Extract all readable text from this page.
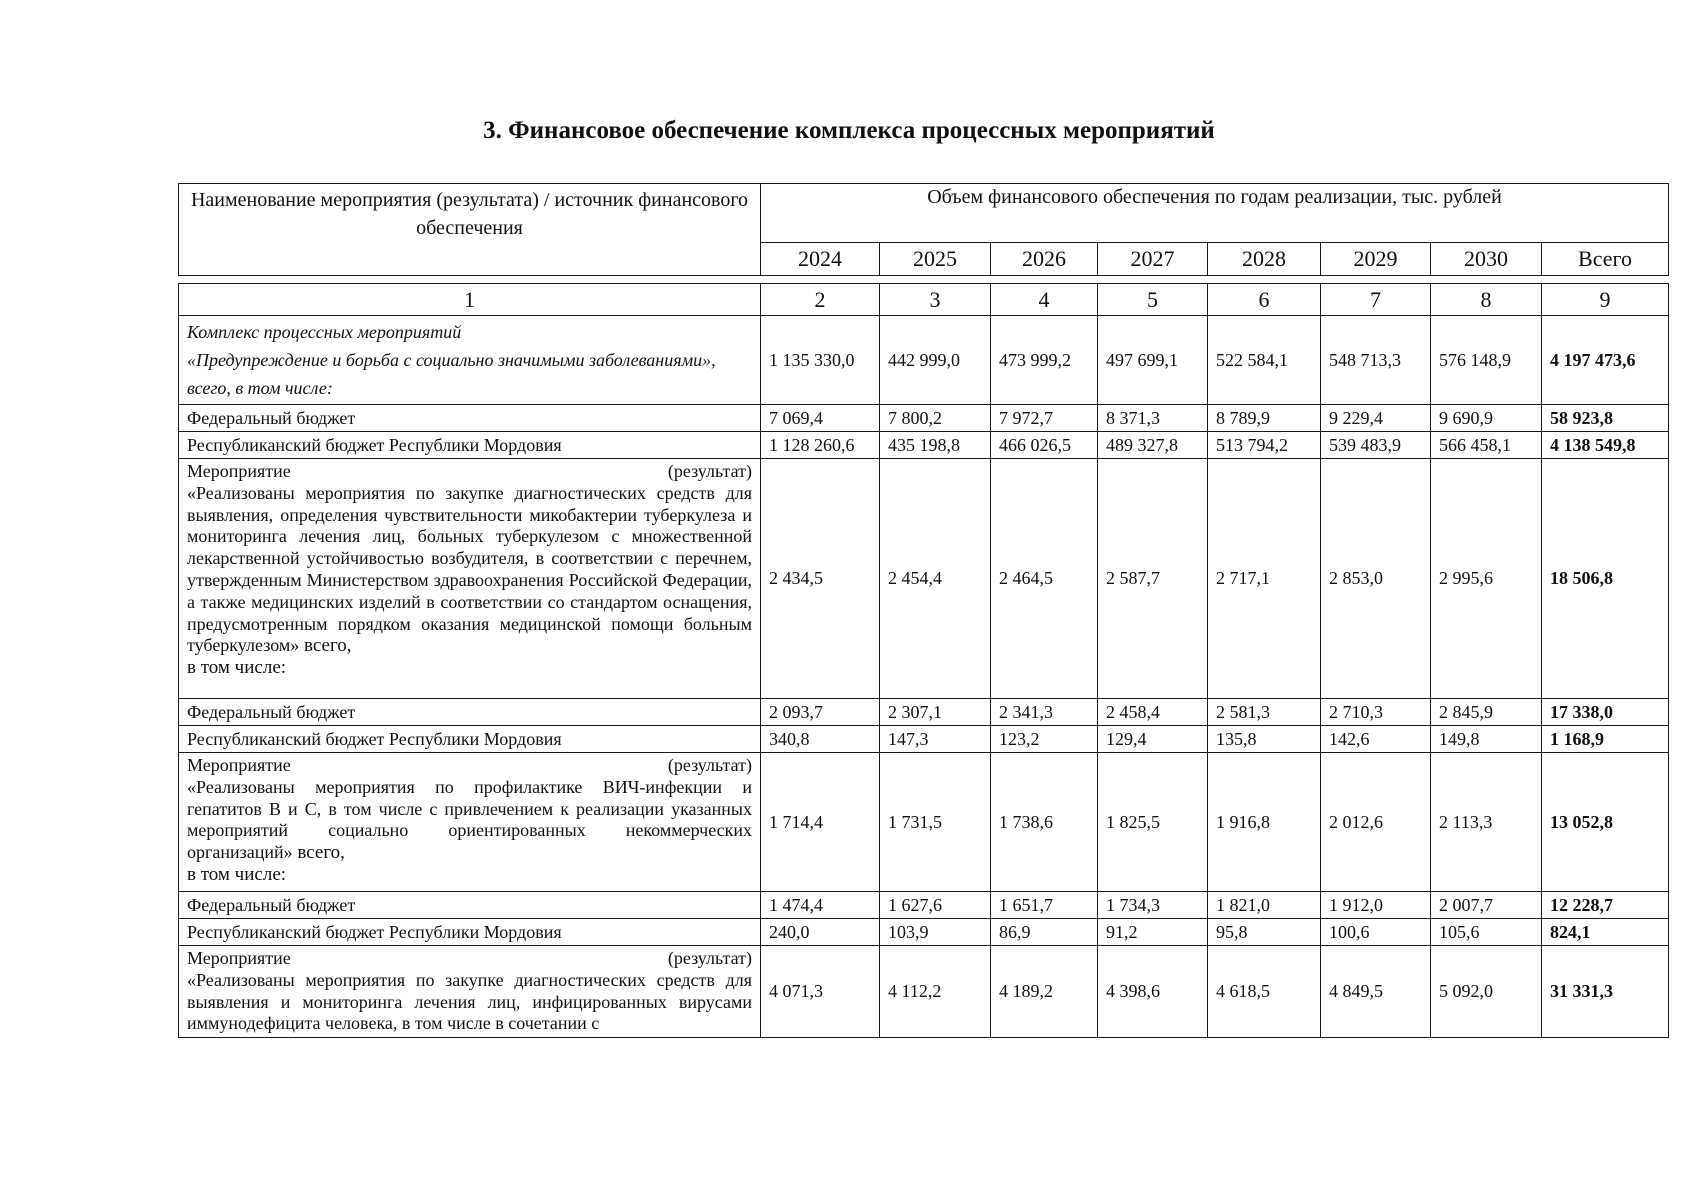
3. Финансовое обеспечение комплекса процессных мероприятий
Наименование мероприятия (результата) / источник финансового обеспечения	Объем финансового обеспечения по годам реализации, тыс. рублей							
	2024	2025	2026	2027	2028	2029	2030	Всего
1	2	3	4	5	6	7	8	9

Комплекс процессных мероприятий
«Предупреждение и борьба с социально значимыми заболеваниями», всего, в том числе:	1 135 330,0	442 999,0	473 999,2	497 699,1	522 584,1	548 713,3	576 148,9	4 197 473,6
Федеральный бюджет	7 069,4	7 800,2	7 972,7	8 371,3	8 789,9	9 229,4	9 690,9	58 923,8
Республиканский бюджет Республики Мордовия	1 128 260,6	435 198,8	466 026,5	489 327,8	513 794,2	539 483,9	566 458,1	4 138 549,8

Мероприятие (результат)
«Реализованы мероприятия по закупке диагностических средств для выявления, определения чувствительности микобактерии туберкулеза и мониторинга лечения лиц, больных туберкулезом с множественной лекарственной устойчивостью возбудителя, в соответствии с перечнем, утвержденным Министерством здравоохранения Российской Федерации, а также медицинских изделий в соответствии со стандартом оснащения, предусмотренным порядком оказания медицинской помощи больным туберкулезом» всего,
в том числе:	2 434,5	2 454,4	2 464,5	2 587,7	2 717,1	2 853,0	2 995,6	18 506,8
Федеральный бюджет	2 093,7	2 307,1	2 341,3	2 458,4	2 581,3	2 710,3	2 845,9	17 338,0
Республиканский бюджет Республики Мордовия	340,8	147,3	123,2	129,4	135,8	142,6	149,8	1 168,9

Мероприятие (результат)
«Реализованы мероприятия по профилактике ВИЧ-инфекции и гепатитов В и С, в том числе с привлечением к реализации указанных мероприятий социально ориентированных некоммерческих организаций» всего,
в том числе:	1 714,4	1 731,5	1 738,6	1 825,5	1 916,8	2 012,6	2 113,3	13 052,8
Федеральный бюджет	1 474,4	1 627,6	1 651,7	1 734,3	1 821,0	1 912,0	2 007,7	12 228,7
Республиканский бюджет Республики Мордовия	240,0	103,9	86,9	91,2	95,8	100,6	105,6	824,1

Мероприятие (результат)
«Реализованы мероприятия по закупке диагностических средств для выявления и мониторинга лечения лиц, инфицированных вирусами иммунодефицита человека, в том числе в сочетании с	4 071,3	4 112,2	4 189,2	4 398,6	4 618,5	4 849,5	5 092,0	31 331,3
